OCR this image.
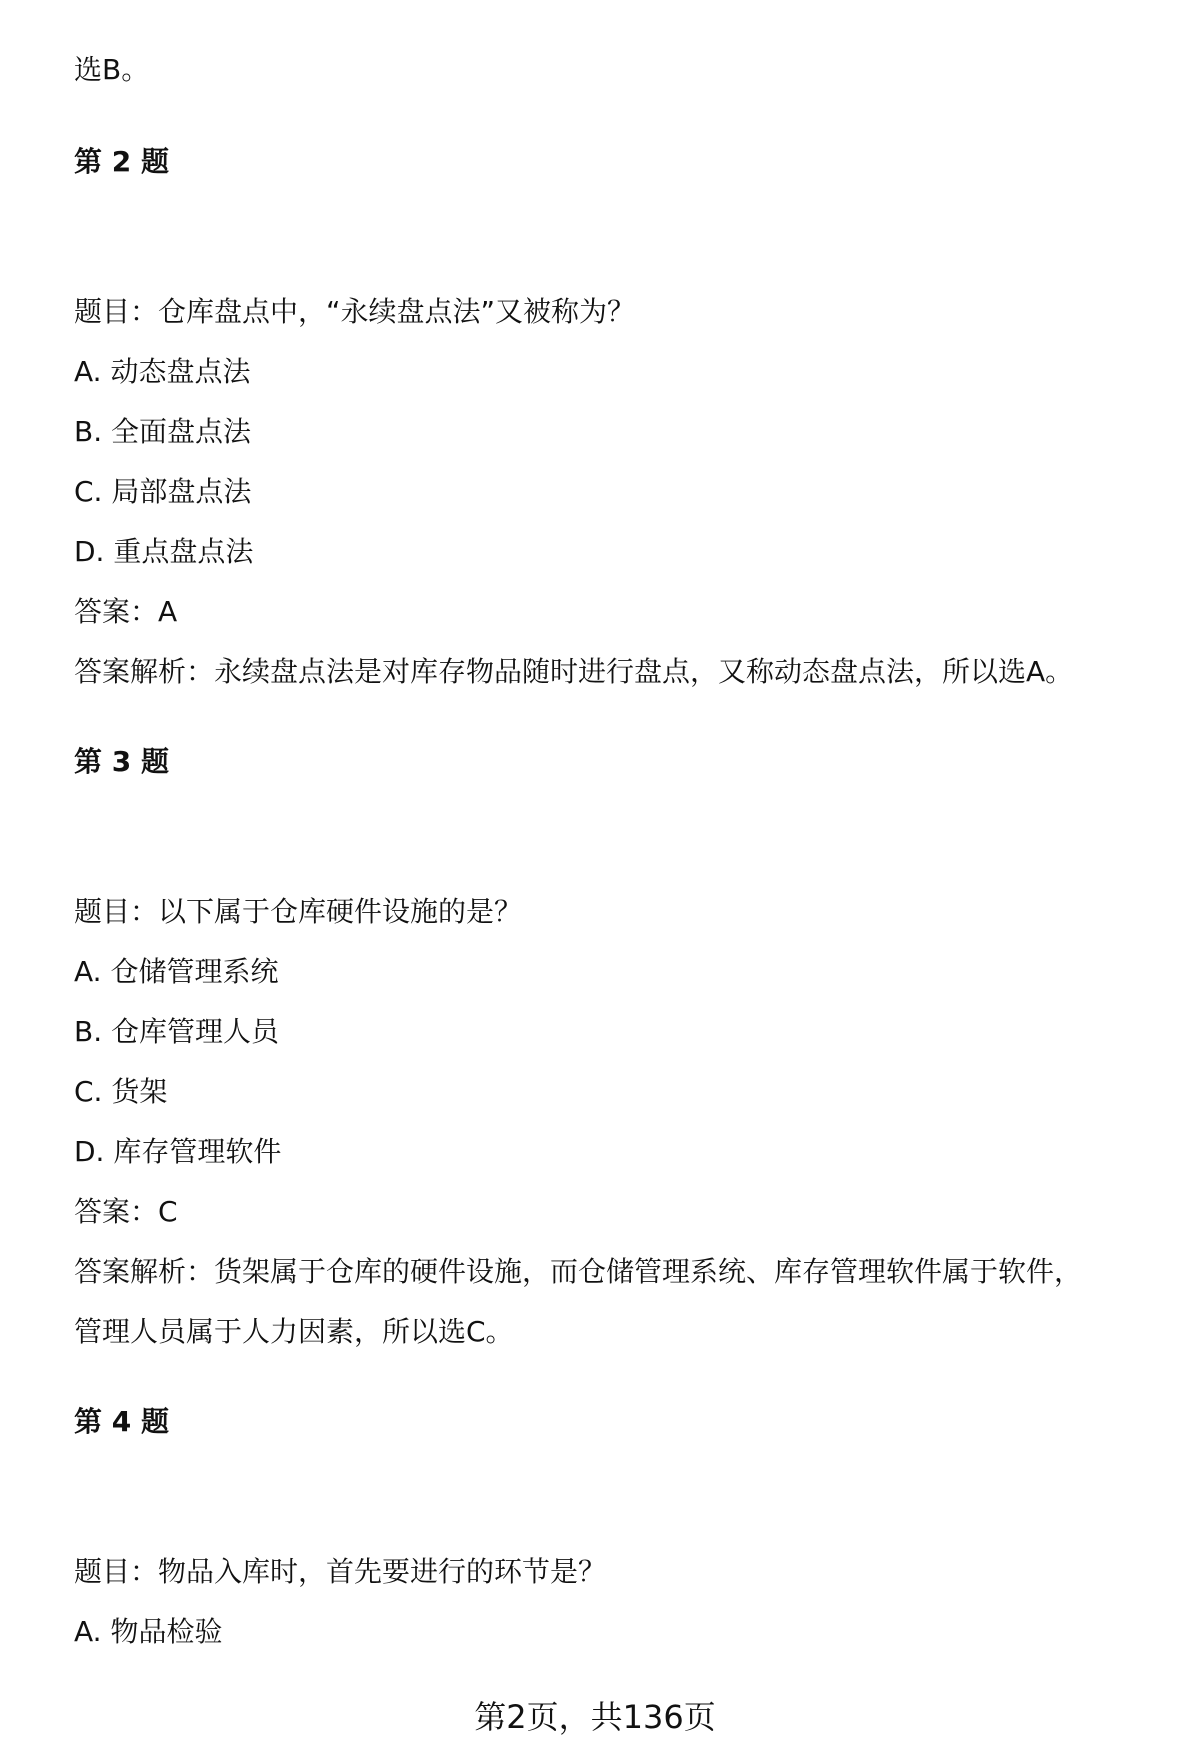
选B。
第 2 题
题目：仓库盘点中，“永续盘点法”又被称为？
A. 动态盘点法
B. 全面盘点法
C. 局部盘点法
D. 重点盘点法
答案：A
答案解析：永续盘点法是对库存物品随时进行盘点，又称动态盘点法，所以选A。
第 3 题
题目：以下属于仓库硬件设施的是？
A. 仓储管理系统
B. 仓库管理人员
C. 货架
D. 库存管理软件
答案：C
答案解析：货架属于仓库的硬件设施，而仓储管理系统、库存管理软件属于软件，
管理人员属于人力因素，所以选C。
第 4 题
题目：物品入库时，首先要进行的环节是？
A. 物品检验
第2页，共136页
